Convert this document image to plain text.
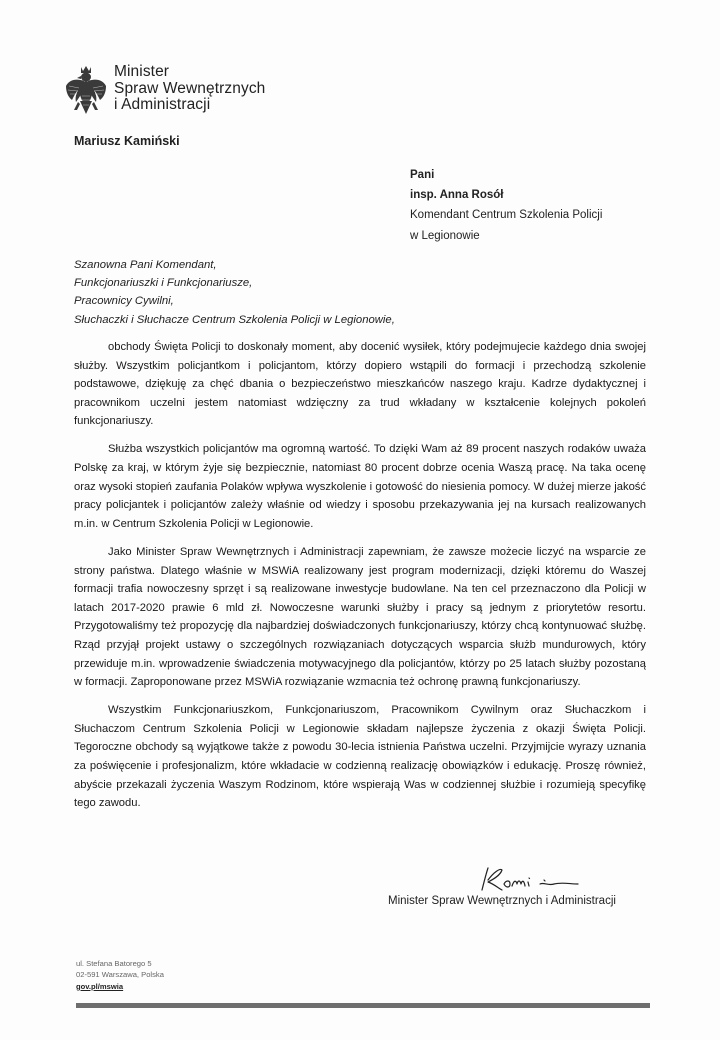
Minister
Spraw Wewnętrznych
i Administracji
Mariusz Kamiński
Pani
insp. Anna Rosół
Komendant Centrum Szkolenia Policji
w Legionowie
Szanowna Pani Komendant,
Funkcjonariuszki i Funkcjonariusze,
Pracownicy Cywilni,
Słuchaczki i Słuchacze Centrum Szkolenia Policji w Legionowie,

obchody Święta Policji to doskonały moment, aby docenić wysiłek, który podejmujecie każdego dnia swojej służby. Wszystkim policjantkom i policjantom, którzy dopiero wstąpili do formacji i przechodzą szkolenie podstawowe, dziękuję za chęć dbania o bezpieczeństwo mieszkańców naszego kraju. Kadrze dydaktycznej i pracownikom uczelni jestem natomiast wdzięczny za trud wkładany w kształcenie kolejnych pokoleń funkcjonariuszy.

Służba wszystkich policjantów ma ogromną wartość. To dzięki Wam aż 89 procent naszych rodaków uważa Polskę za kraj, w którym żyje się bezpiecznie, natomiast 80 procent dobrze ocenia Waszą pracę. Na taka ocenę oraz wysoki stopień zaufania Polaków wpływa wyszkolenie i gotowość do niesienia pomocy. W dużej mierze jakość pracy policjantek i policjantów zależy właśnie od wiedzy i sposobu przekazywania jej na kursach realizowanych m.in. w Centrum Szkolenia Policji w Legionowie.

Jako Minister Spraw Wewnętrznych i Administracji zapewniam, że zawsze możecie liczyć na wsparcie ze strony państwa. Dlatego właśnie w MSWiA realizowany jest program modernizacji, dzięki któremu do Waszej formacji trafia nowoczesny sprzęt i są realizowane inwestycje budowlane. Na ten cel przeznaczono dla Policji w latach 2017-2020 prawie 6 mld zł. Nowoczesne warunki służby i pracy są jednym z priorytetów resortu. Przygotowaliśmy też propozycję dla najbardziej doświadczonych funkcjonariuszy, którzy chcą kontynuować służbę. Rząd przyjął projekt ustawy o szczególnych rozwiązaniach dotyczących wsparcia służb mundurowych, który przewiduje m.in. wprowadzenie świadczenia motywacyjnego dla policjantów, którzy po 25 latach służby pozostaną w formacji. Zaproponowane przez MSWiA rozwiązanie wzmacnia też ochronę prawną funkcjonariuszy.

Wszystkim Funkcjonariuszkom, Funkcjonariuszom, Pracownikom Cywilnym oraz Słuchaczkom i Słuchaczom Centrum Szkolenia Policji w Legionowie składam najlepsze życzenia z okazji Święta Policji. Tegoroczne obchody są wyjątkowe także z powodu 30-lecia istnienia Państwa uczelni. Przyjmijcie wyrazy uznania za poświęcenie i profesjonalizm, które wkładacie w codzienną realizację obowiązków i edukację. Proszę również, abyście przekazali życzenia Waszym Rodzinom, które wspierają Was w codziennej służbie i rozumieją specyfikę tego zawodu.

Minister Spraw Wewnętrznych i Administracji
ul. Stefana Batorego 5
02-591 Warszawa, Polska
gov.pl/mswia
